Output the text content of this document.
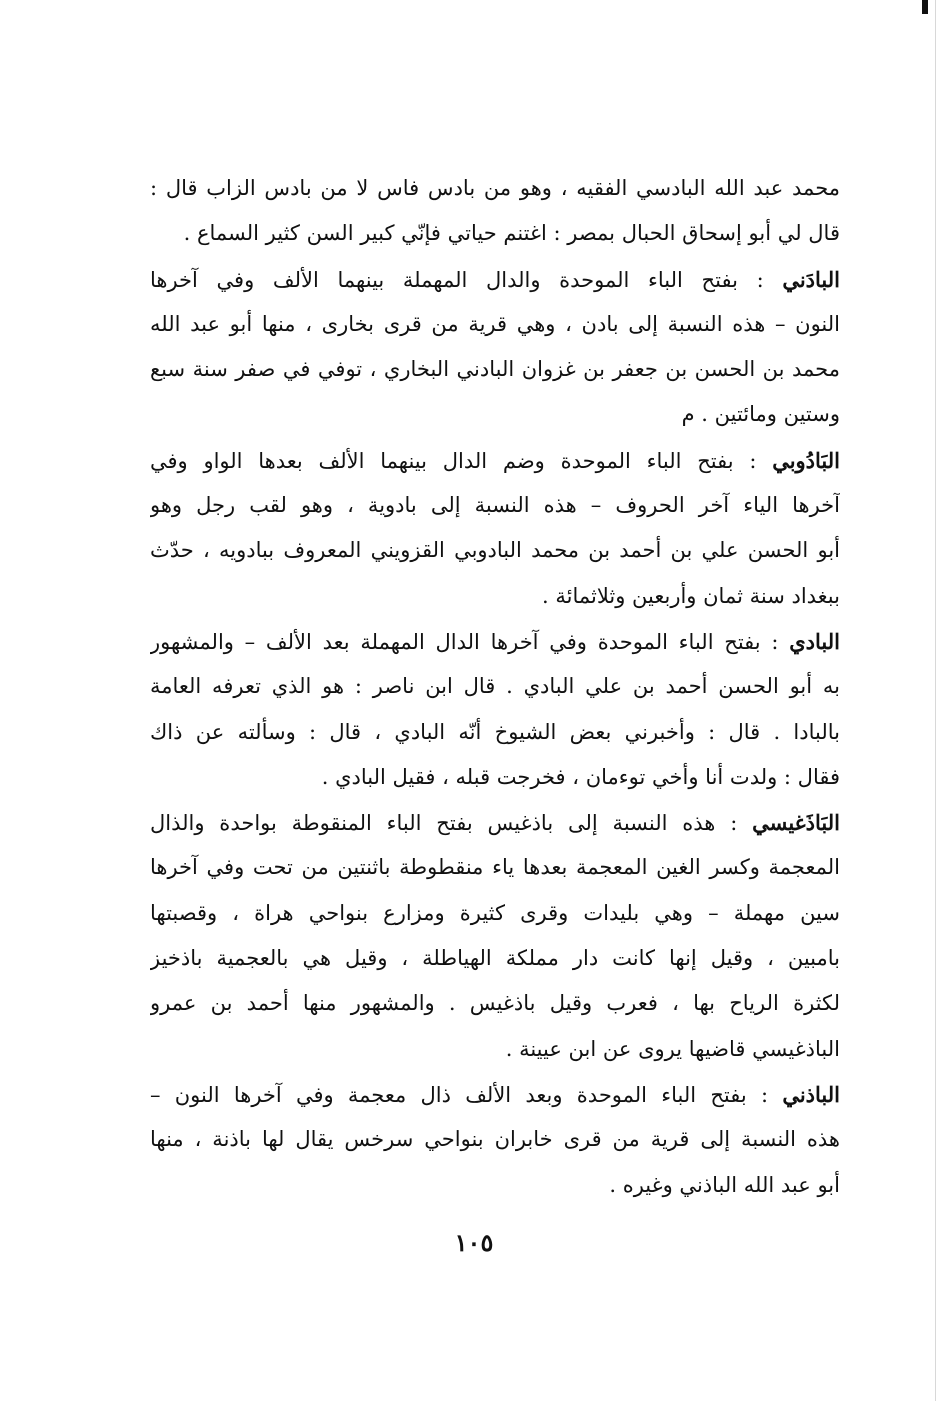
محمد عبد الله البادسي الفقيه ، وهو من بادس فاس لا من بادس الزاب قال :
قال لي أبو إسحاق الحبال بمصر : اغتنم حياتي فإنّي كبير السن كثير السماع .
البادَني : بفتح الباء الموحدة والدال المهملة بينهما الألف وفي آخرها
النون – هذه النسبة إلى بادن ، وهي قرية من قرى بخارى ، منها أبو عبد الله
محمد بن الحسن بن جعفر بن غزوان البادني البخاري ، توفي في صفر سنة سبع
وستين ومائتين . م
البَادُوبي : بفتح الباء الموحدة وضم الدال بينهما الألف بعدها الواو وفي
آخرها الياء آخر الحروف – هذه النسبة إلى بادوية ، وهو لقب رجل وهو
أبو الحسن علي بن أحمد بن محمد البادوبي القزويني المعروف ببادويه ، حدّث
ببغداد سنة ثمان وأربعين وثلاثمائة .
البادي : بفتح الباء الموحدة وفي آخرها الدال المهملة بعد الألف – والمشهور
به أبو الحسن أحمد بن علي البادي . قال ابن ناصر : هو الذي تعرفه العامة
بالبادا . قال : وأخبرني بعض الشيوخ أنّه البادي ، قال : وسألته عن ذاك
فقال : ولدت أنا وأخي توءمان ، فخرجت قبله ، فقيل البادي .
البَاذَغيسي : هذه النسبة إلى باذغيس بفتح الباء المنقوطة بواحدة والذال
المعجمة وكسر الغين المعجمة بعدها ياء منقطوطة باثنتين من تحت وفي آخرها
سين مهملة – وهي بليدات وقرى كثيرة ومزارع بنواحي هراة ، وقصبتها
بامبين ، وقيل إنها كانت دار مملكة الهياطلة ، وقيل هي بالعجمية باذخيز
لكثرة الرياح بها ، فعرب وقيل باذغيس . والمشهور منها أحمد بن عمرو
الباذغيسي قاضيها يروى عن ابن عيينة .
الباذني : بفتح الباء الموحدة وبعد الألف ذال معجمة وفي آخرها النون –
هذه النسبة إلى قرية من قرى خابران بنواحي سرخس يقال لها باذنة ، منها
أبو عبد الله الباذني وغيره .
١٠٥
